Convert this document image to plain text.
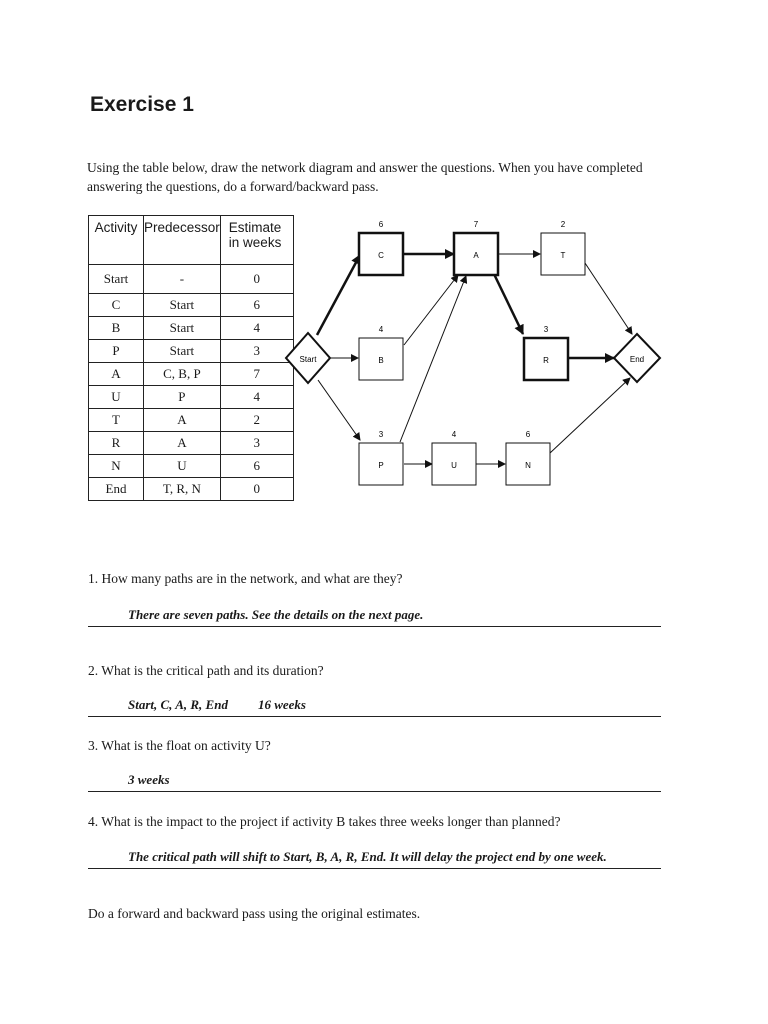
Exercise 1
Using the table below, draw the network diagram and answer the questions. When you have completed answering the questions, do a forward/backward pass.
Activity	Predecessor	Estimate in weeks
Start	-	0
C	Start	6
B	Start	4
P	Start	3
A	C, B, P	7
U	P	4
T	A	2
R	A	3
N	U	6
End	T, R, N	0
Start	End
C
6
A
7
T
2
B
4
R
3
P
3
U
4
N
6
1. How many paths are in the network, and what are they?
There are seven paths. See the details on the next page.
2. What is the critical path and its duration?
Start, C, A, R, End 16 weeks
3. What is the float on activity U?
3 weeks
4. What is the impact to the project if activity B takes three weeks longer than planned?
The critical path will shift to Start, B, A, R, End. It will delay the project end by one week.
Do a forward and backward pass using the original estimates.
